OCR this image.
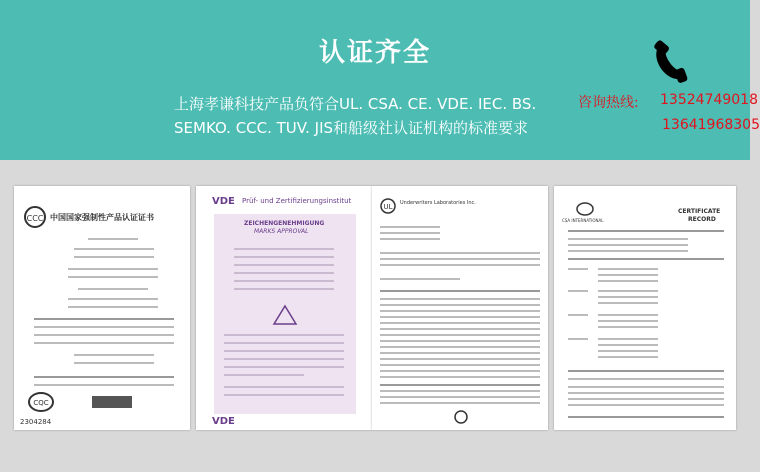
认证齐全
上海孝谦科技产品负符合UL. CSA. CE. VDE. IEC. BS.
SEMKO. CCC. TUV. JIS和船级社认证机构的标准要求
咨询热线: 13524749018
13641968305
CCC 中国国家强制性产品认证证书
CQC
2304284
VDE Prüf- und Zertifizierungsinstitut
ZEICHENGENEHMIGUNG
MARKS APPROVAL
VDE
UL Underwriters Laboratories Inc.
CSA INTERNATIONAL
CERTIFICATE
RECORD
